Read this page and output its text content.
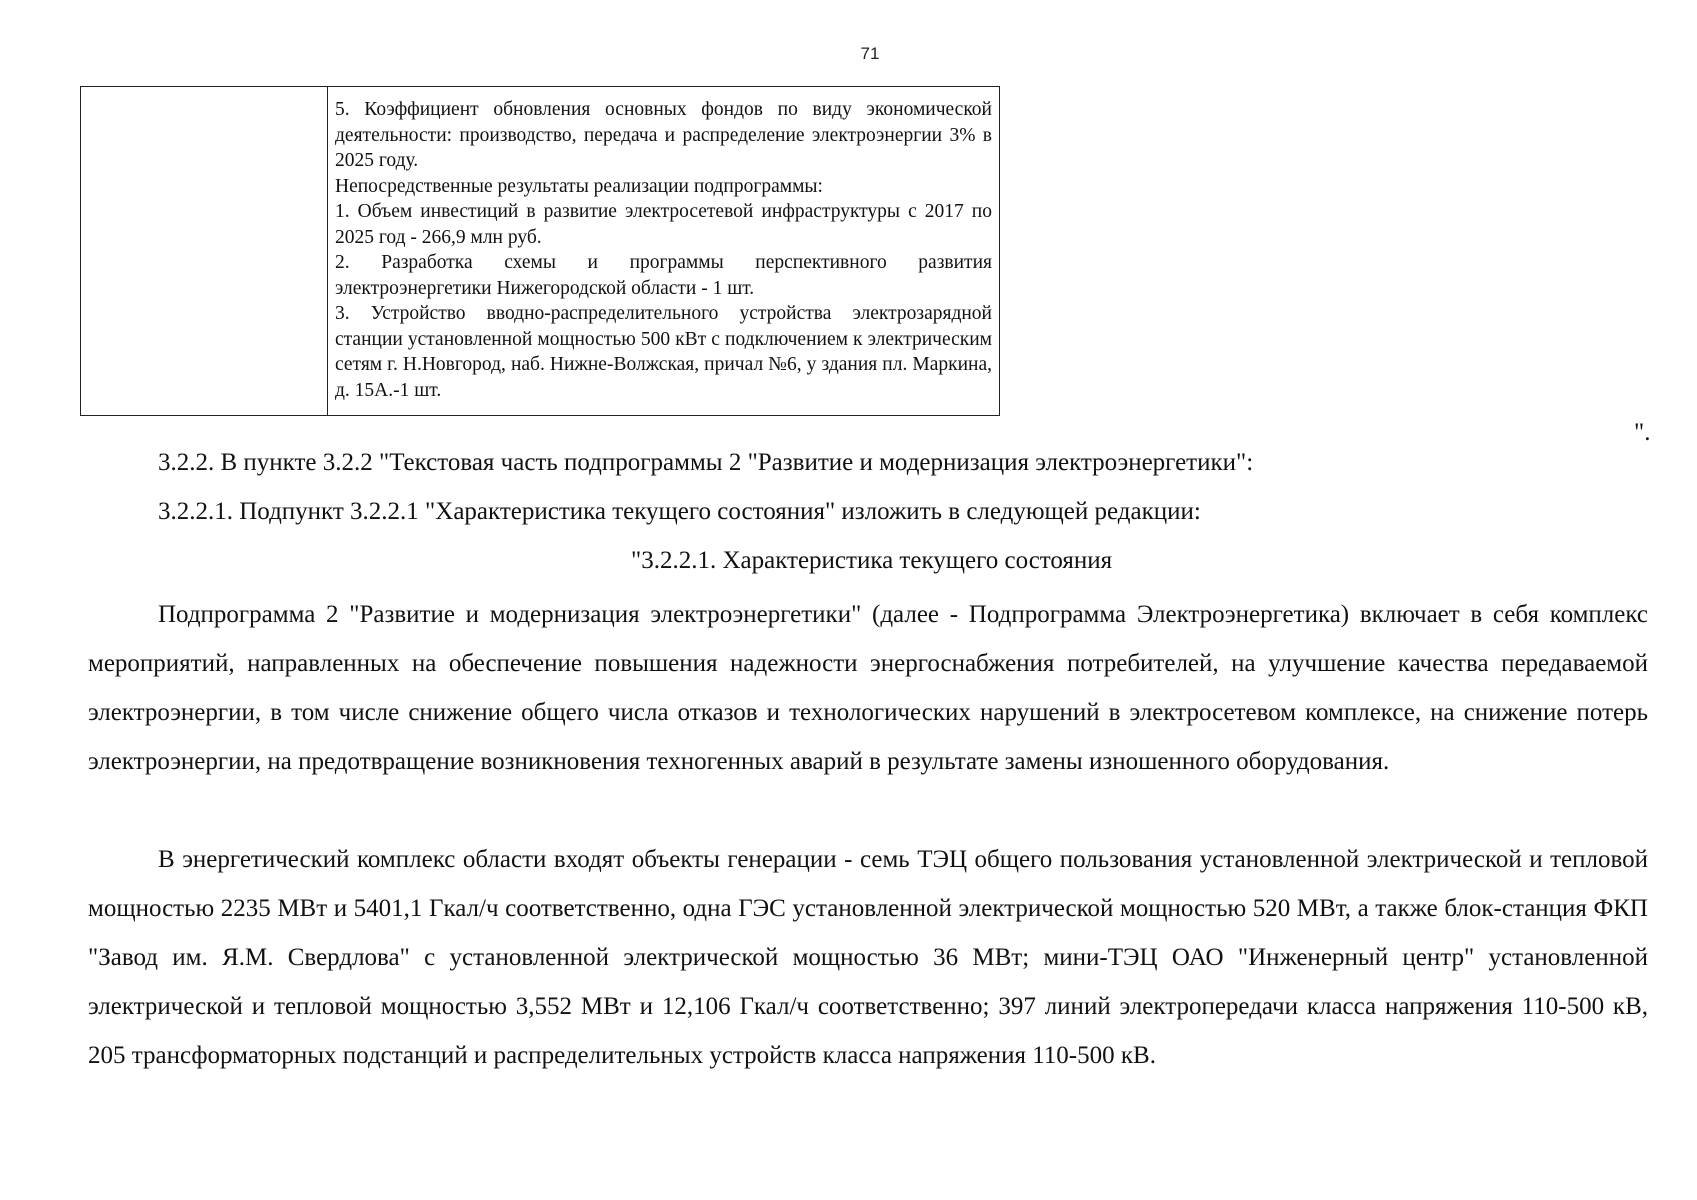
71

5. Коэффициент обновления основных фондов по виду экономической деятельности: производство, передача и распределение электроэнергии 3% в 2025 году.

Непосредственные результаты реализации подпрограммы:

1. Объем инвестиций в развитие электросетевой инфраструктуры с 2017 по 2025 год - 266,9 млн руб.

2. Разработка схемы и программы перспективного развития электроэнергетики Нижегородской области - 1 шт.

3. Устройство вводно-распределительного устройства электрозарядной станции установленной мощностью 500 кВт с подключением к электрическим сетям г. Н.Новгород, наб. Нижне-Волжская, причал №6, у здания пл. Маркина, д. 15А.-1 шт.

".
3.2.2. В пункте 3.2.2 "Текстовая часть подпрограммы 2 "Развитие и модернизация электроэнергетики":
3.2.2.1. Подпункт 3.2.2.1 "Характеристика текущего состояния" изложить в следующей редакции:
"3.2.2.1. Характеристика текущего состояния

Подпрограмма 2 "Развитие и модернизация электроэнергетики" (далее - Подпрограмма Электроэнергетика) включает в себя комплекс мероприятий, направленных на обеспечение повышения надежности энергоснабжения потребителей, на улучшение качества передаваемой электроэнергии, в том числе снижение общего числа отказов и технологических нарушений в электросетевом комплексе, на снижение потерь электроэнергии, на предотвращение возникновения техногенных аварий в результате замены изношенного оборудования.

В энергетический комплекс области входят объекты генерации - семь ТЭЦ общего пользования установленной электрической и тепловой мощностью 2235 МВт и 5401,1 Гкал/ч соответственно, одна ГЭС установленной электрической мощностью 520 МВт, а также блок-станция ФКП "Завод им. Я.М. Свердлова" с установленной электрической мощностью 36 МВт; мини-ТЭЦ ОАО "Инженерный центр" установленной электрической и тепловой мощностью 3,552 МВт и 12,106 Гкал/ч соответственно; 397 линий электропередачи класса напряжения 110-500 кВ, 205 трансформаторных подстанций и распределительных устройств класса напряжения 110-500 кВ.
